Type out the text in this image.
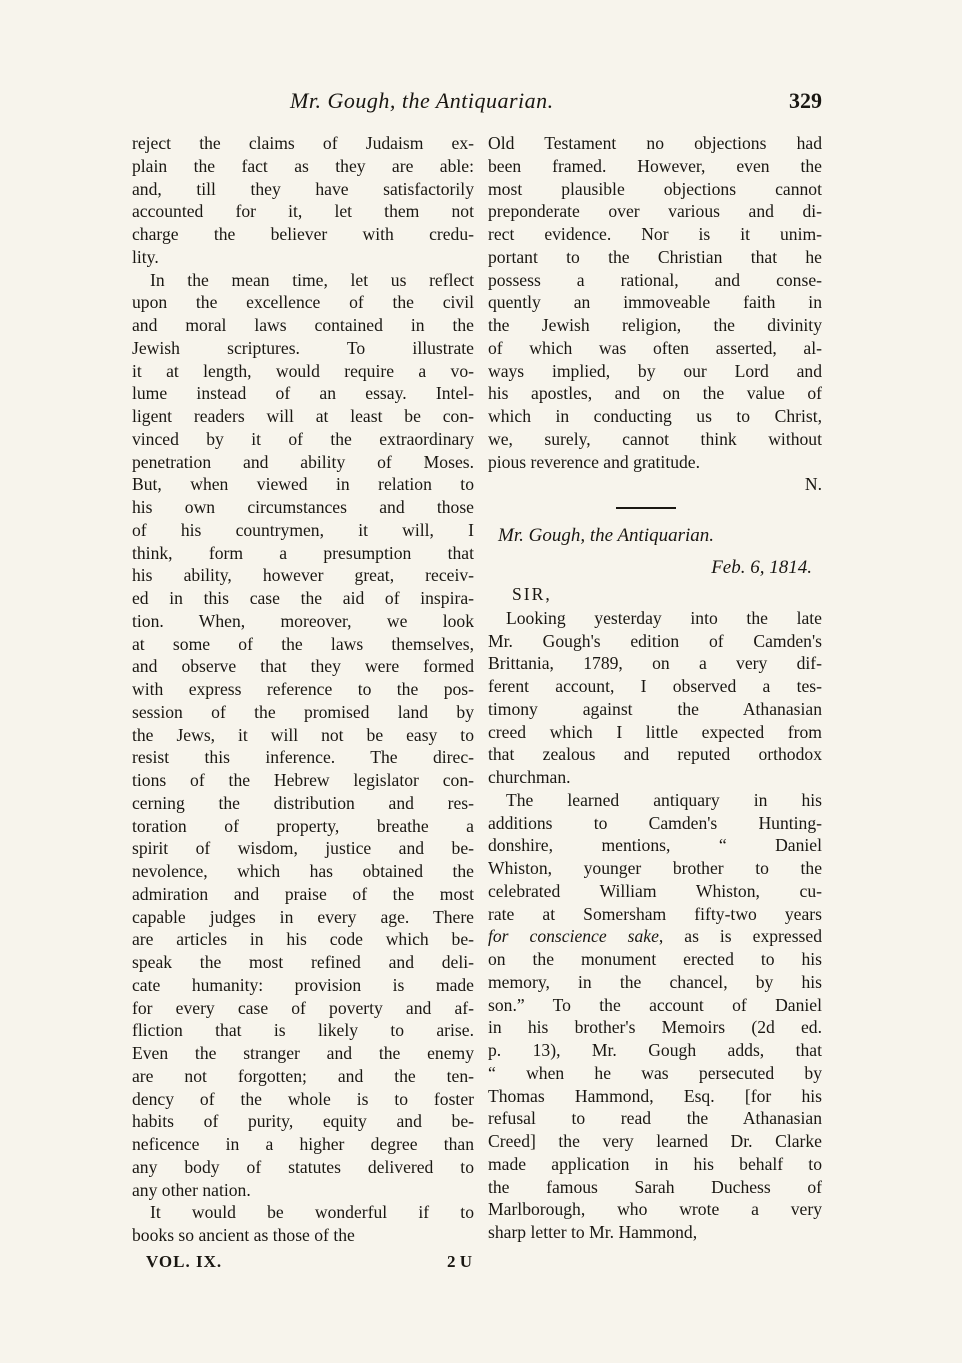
Mr. Gough, the Antiquarian.	329
reject the claims of Judaism ex-
plain the fact as they are able:
and, till they have satisfactorily
accounted for it, let them not
charge the believer with credu-
lity.
In the mean time, let us reflect
upon the excellence of the civil
and moral laws contained in the
Jewish scriptures. To illustrate
it at length, would require a vo-
lume instead of an essay. Intel-
ligent readers will at least be con-
vinced by it of the extraordinary
penetration and ability of Moses.
But, when viewed in relation to
his own circumstances and those
of his countrymen, it will, I
think, form a presumption that
his ability, however great, receiv-
ed in this case the aid of inspira-
tion. When, moreover, we look
at some of the laws themselves,
and observe that they were formed
with express reference to the pos-
session of the promised land by
the Jews, it will not be easy to
resist this inference. The direc-
tions of the Hebrew legislator con-
cerning the distribution and res-
toration of property, breathe a
spirit of wisdom, justice and be-
nevolence, which has obtained the
admiration and praise of the most
capable judges in every age. There
are articles in his code which be-
speak the most refined and deli-
cate humanity: provision is made
for every case of poverty and af-
fliction that is likely to arise.
Even the stranger and the enemy
are not forgotten; and the ten-
dency of the whole is to foster
habits of purity, equity and be-
neficence in a higher degree than
any body of statutes delivered to
any other nation.
It would be wonderful if to
books so ancient as those of the
Old Testament no objections had
been framed. However, even the
most plausible objections cannot
preponderate over various and di-
rect evidence. Nor is it unim-
portant to the Christian that he
possess a rational, and conse-
quently an immoveable faith in
the Jewish religion, the divinity
of which was often asserted, al-
ways implied, by our Lord and
his apostles, and on the value of
which in conducting us to Christ,
we, surely, cannot think without
pious reverence and gratitude.
N.
Mr. Gough, the Antiquarian.
Feb. 6, 1814.
SIR,
Looking yesterday into the late
Mr. Gough's edition of Camden's
Brittania, 1789, on a very dif-
ferent account, I observed a tes-
timony against the Athanasian
creed which I little expected from
that zealous and reputed orthodox
churchman.
The learned antiquary in his
additions to Camden's Hunting-
donshire, mentions, “ Daniel
Whiston, younger brother to the
celebrated William Whiston, cu-
rate at Somersham fifty-two years
for conscience sake, as is expressed
on the monument erected to his
memory, in the chancel, by his
son.” To the account of Daniel
in his brother's Memoirs (2d ed.
p. 13), Mr. Gough adds, that
“ when he was persecuted by
Thomas Hammond, Esq. [for his
refusal to read the Athanasian
Creed] the very learned Dr. Clarke
made application in his behalf to
the famous Sarah Duchess of
Marlborough, who wrote a very
sharp letter to Mr. Hammond,
VOL. IX.	2 U
